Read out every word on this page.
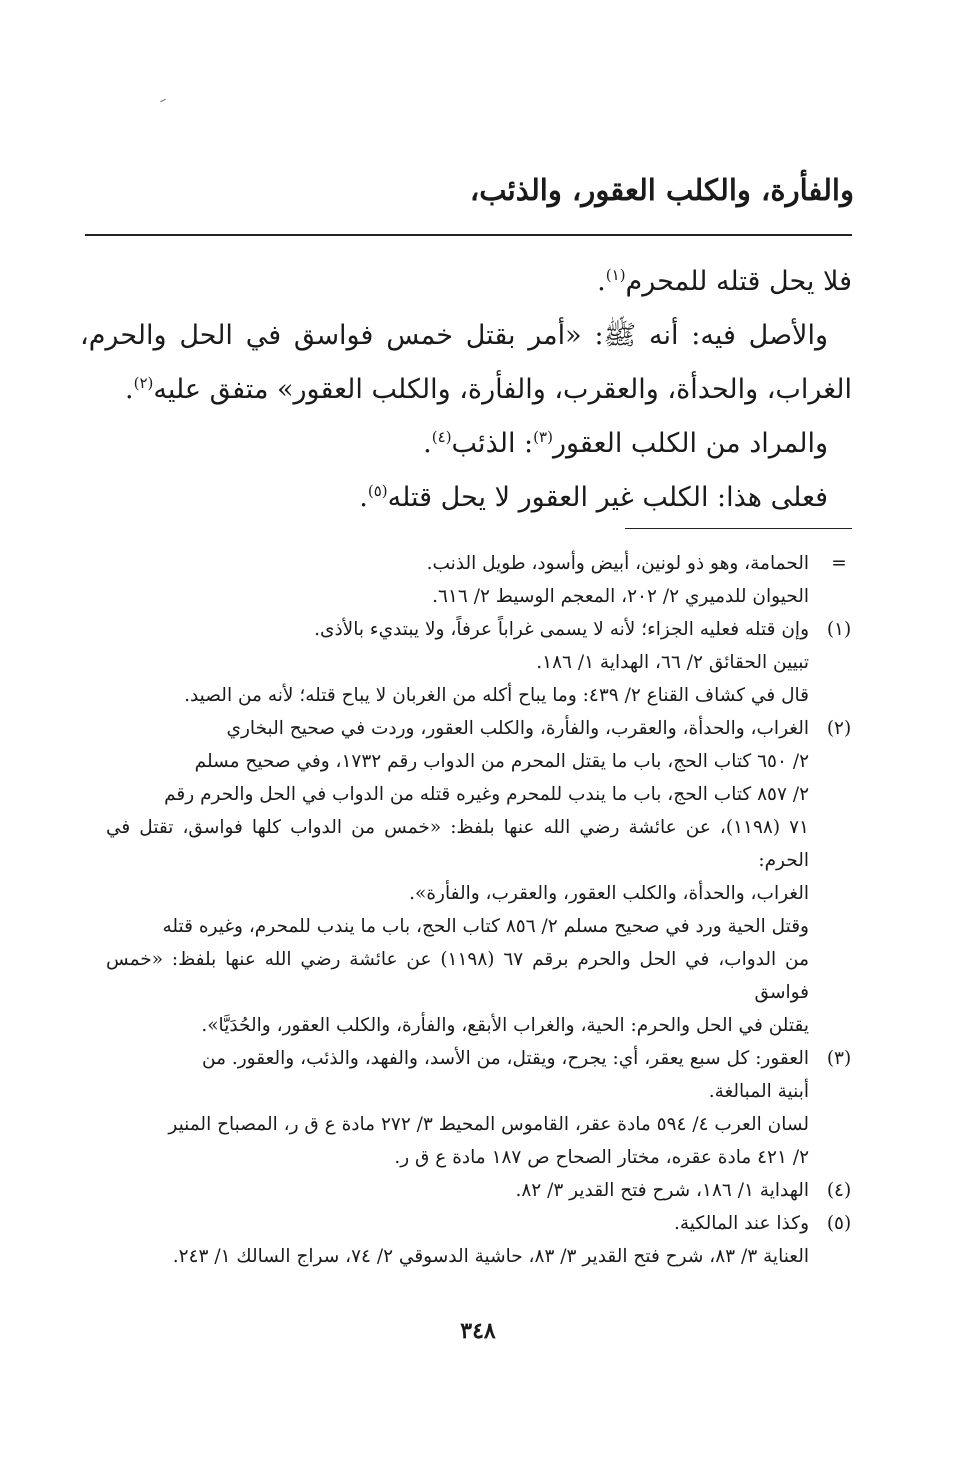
والفأرة، والكلب العقور، والذئب،

فلا يحل قتله للمحرم$^{(١)}$.

والأصل فيه: أنه ﷺ: «أمر بقتل خمس فواسق في الحل والحرم، الغراب، والحدأة، والعقرب، والفأرة، والكلب العقور» متفق عليه$^{(٢)}$.

والمراد من الكلب العقور$^{(٣)}$: الذئب$^{(٤)}$.

فعلى هذا: الكلب غير العقور لا يحل قتله$^{(٥)}$.

=

الحمامة، وهو ذو لونين، أبيض وأسود، طويل الذنب.

الحيوان للدميري ٢/ ٢٠٢، المعجم الوسيط ٢/ ٦١٦.

(١)

وإن قتله فعليه الجزاء؛ لأنه لا يسمى غراباً عرفاً، ولا يبتديء بالأذى.

تبيين الحقائق ٢/ ٦٦، الهداية ١/ ١٨٦.

قال في كشاف القناع ٢/ ٤٣٩: وما يباح أكله من الغربان لا يباح قتله؛ لأنه من الصيد.

(٢)

الغراب، والحدأة، والعقرب، والفأرة، والكلب العقور، وردت في صحيح البخاري

٢/ ٦٥٠ كتاب الحج، باب ما يقتل المحرم من الدواب رقم ١٧٣٢، وفي صحيح مسلم

٢/ ٨٥٧ كتاب الحج، باب ما يندب للمحرم وغيره قتله من الدواب في الحل والحرم رقم

٧١ (١١٩٨)، عن عائشة رضي الله عنها بلفظ: «خمس من الدواب كلها فواسق، تقتل في الحرم:

الغراب، والحدأة، والكلب العقور، والعقرب، والفأرة».

وقتل الحية ورد في صحيح مسلم ٢/ ٨٥٦ كتاب الحج، باب ما يندب للمحرم، وغيره قتله

من الدواب، في الحل والحرم برقم ٦٧ (١١٩٨) عن عائشة رضي الله عنها بلفظ: «خمس فواسق

يقتلن في الحل والحرم: الحية، والغراب الأبقع، والفأرة، والكلب العقور، والحُدَيَّا».

(٣)

العقور: كل سبع يعقر، أي: يجرح، ويقتل، من الأسد، والفهد، والذئب، والعقور. من

أبنية المبالغة.

لسان العرب ٤/ ٥٩٤ مادة عقر، القاموس المحيط ٣/ ٢٧٢ مادة ع ق ر، المصباح المنير

٢/ ٤٢١ مادة عقره، مختار الصحاح ص ١٨٧ مادة ع ق ر.

(٤)

الهداية ١/ ١٨٦، شرح فتح القدير ٣/ ٨٢.

(٥)

وكذا عند المالكية.

العناية ٣/ ٨٣، شرح فتح القدير ٣/ ٨٣، حاشية الدسوقي ٢/ ٧٤، سراج السالك ١/ ٢٤٣.

٣٤٨
